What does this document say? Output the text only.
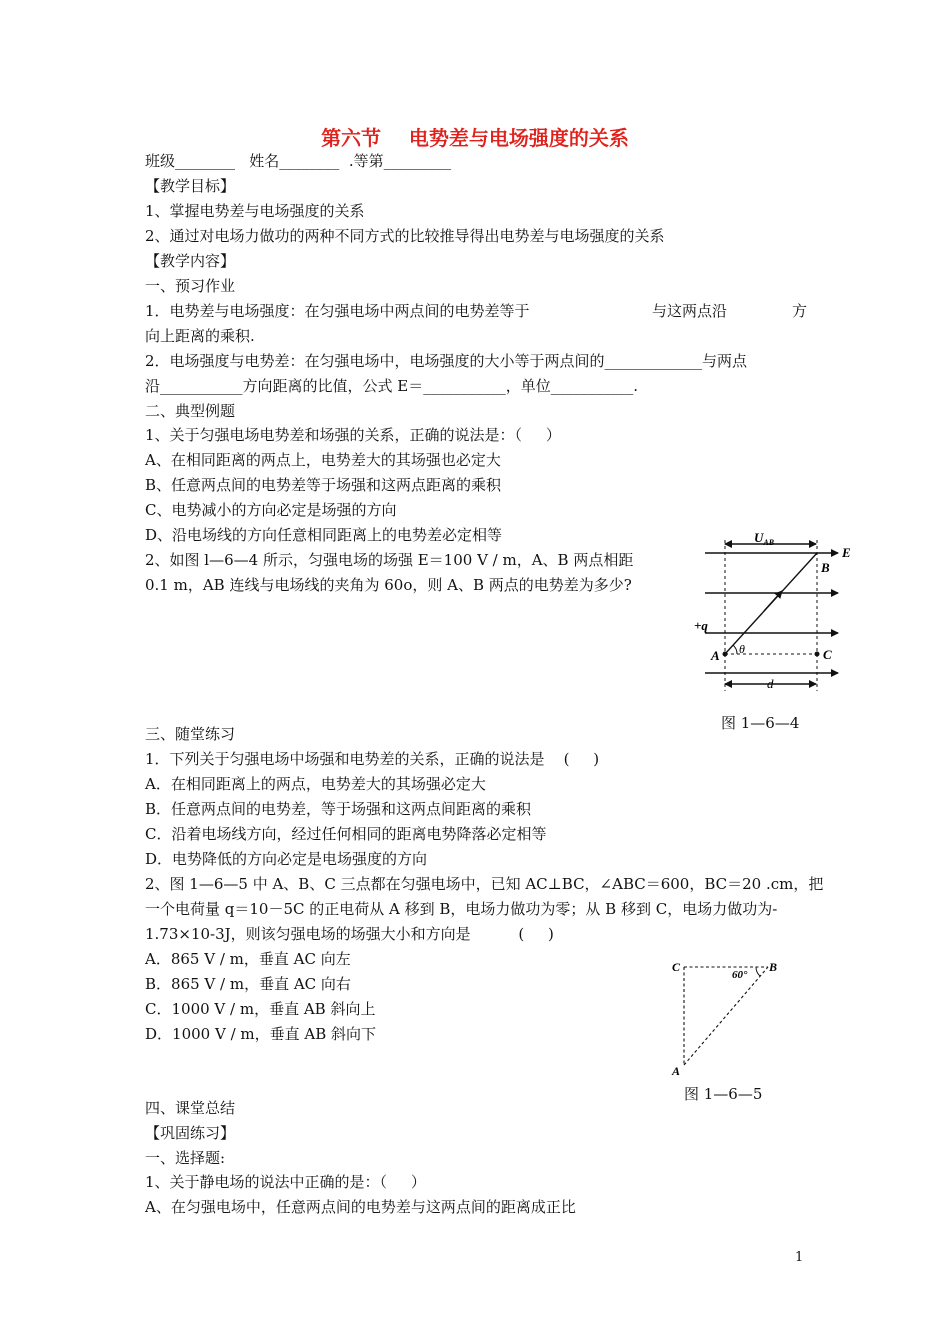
第六节    电势差与电场强度的关系
班级________   姓名________  .等第_________
【教学目标】
1、掌握电势差与电场强度的关系
2、通过对电场力做功的两种不同方式的比较推导得出电势差与电场强度的关系
【教学内容】
一、预习作业
1．电势差与电场强度：在匀强电场中两点间的电势差等于	与这两点沿	方
向上距离的乘积.
2．电场强度与电势差：在匀强电场中，电场强度的大小等于两点间的_____________与两点
沿___________方向距离的比值，公式 E＝___________，单位___________.
二、典型例题
1、关于匀强电场电势差和场强的关系，正确的说法是：（     ）
A、在相同距离的两点上，电势差大的其场强也必定大
B、任意两点间的电势差等于场强和这两点距离的乘积
C、电势减小的方向必定是场强的方向
D、沿电场线的方向任意相同距离上的电势差必定相等
2、如图 l—6—4 所示，匀强电场的场强 E＝100 V / m，A、B 两点相距
0.1 m，AB 连线与电场线的夹角为 60o，则 A、B 两点的电势差为多少?
$U_{AB}$
E
B
+q
A θ	C
d
图 1—6—4
三、随堂练习
1．下列关于匀强电场中场强和电势差的关系，正确的说法是    (     )
A．在相同距离上的两点，电势差大的其场强必定大
B．任意两点间的电势差，等于场强和这两点间距离的乘积
C．沿着电场线方向，经过任何相同的距离电势降落必定相等
D．电势降低的方向必定是电场强度的方向
2、图 1—6—5 中 A、B、C 三点都在匀强电场中，已知 AC⊥BC，∠ABC＝600，BC＝20 .cm，把
一个电荷量 q＝10－5C 的正电荷从 A 移到 B，电场力做功为零；从 B 移到 C，电场力做功为-
1.73×10-3J，则该匀强电场的场强大小和方向是          (     )
A．865 V / m，垂直 AC 向左
B．865 V / m，垂直 AC 向右
C．1000 V / m，垂直 AB 斜向上
D．1000 V / m，垂直 AB 斜向下
C	B
A
60°
图 1—6—5
四、课堂总结
【巩固练习】
一、选择题:
1、关于静电场的说法中正确的是：（     ）
A、在匀强电场中，任意两点间的电势差与这两点间的距离成正比
1
